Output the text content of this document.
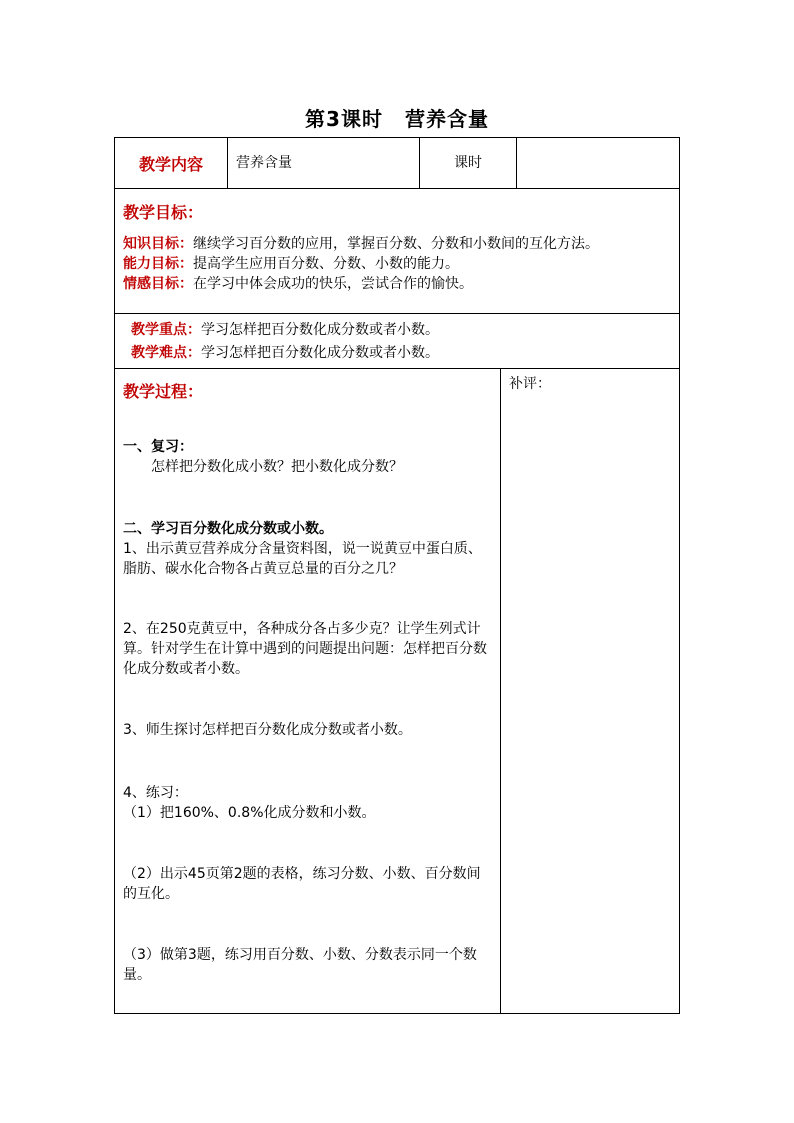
第3课时 营养含量
教学内容 营养含量	课时

教学目标：

知识目标：继续学习百分数的应用，掌握百分数、分数和小数间的互化方法。

能力目标：提高学生应用百分数、分数、小数的能力。

情感目标：在学习中体会成功的快乐，尝试合作的愉快。

教学重点：学习怎样把百分数化成分数或者小数。

教学难点：学习怎样把百分数化成分数或者小数。

教学过程：

一、复习：

怎样把分数化成小数？把小数化成分数？

二、学习百分数化成分数或小数。

1、出示黄豆营养成分含量资料图，说一说黄豆中蛋白质、脂肪、碳水化合物各占黄豆总量的百分之几？

2、在250克黄豆中，各种成分各占多少克？让学生列式计算。针对学生在计算中遇到的问题提出问题：怎样把百分数化成分数或者小数。

3、师生探讨怎样把百分数化成分数或者小数。

4、练习：

（1）把160%、0.8%化成分数和小数。

（2）出示45页第2题的表格，练习分数、小数、百分数间的互化。

（3）做第3题，练习用百分数、小数、分数表示同一个数量。

补评：
